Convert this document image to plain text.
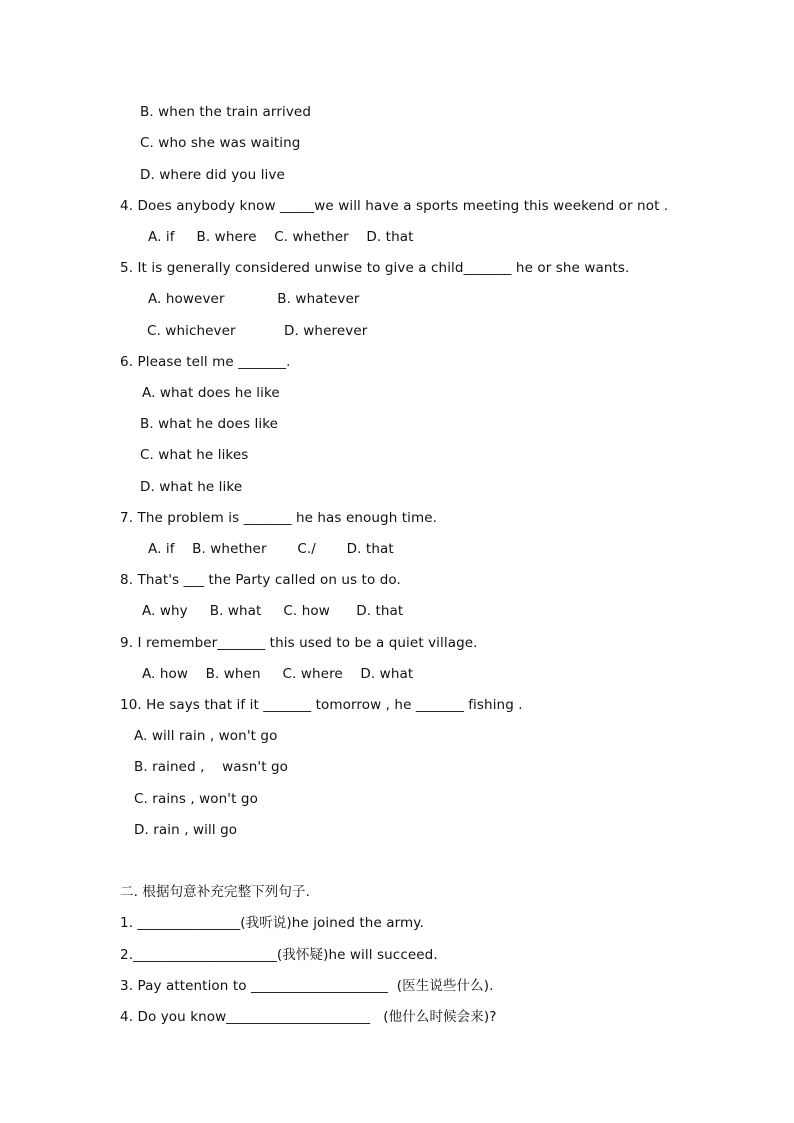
B. when the train arrived
C. who she was waiting
D. where did you live
4. Does anybody know _____we will have a sports meeting this weekend or not .
A. if     B. where    C. whether    D. that
5. It is generally considered unwise to give a child_______ he or she wants.
A. however            B. whatever
C. whichever           D. wherever
6. Please tell me _______.
A. what does he like
B. what he does like
C. what he likes
D. what he like
7. The problem is _______ he has enough time.
A. if    B. whether       C./       D. that
8. That's ___ the Party called on us to do.
A. why     B. what     C. how      D. that
9. I remember_______ this used to be a quiet village.
A. how    B. when     C. where    D. what
10. He says that if it _______ tomorrow , he _______ fishing .
A. will rain , won't go
B. rained ,    wasn't go
C. rains , won't go
D. rain , will go
二. 根据句意补充完整下列句子.
1. _______________(我听说)he joined the army.
2._____________________(我怀疑)he will succeed.
3. Pay attention to ____________________  (医生说些什么).
4. Do you know_____________________   (他什么时候会来)?
